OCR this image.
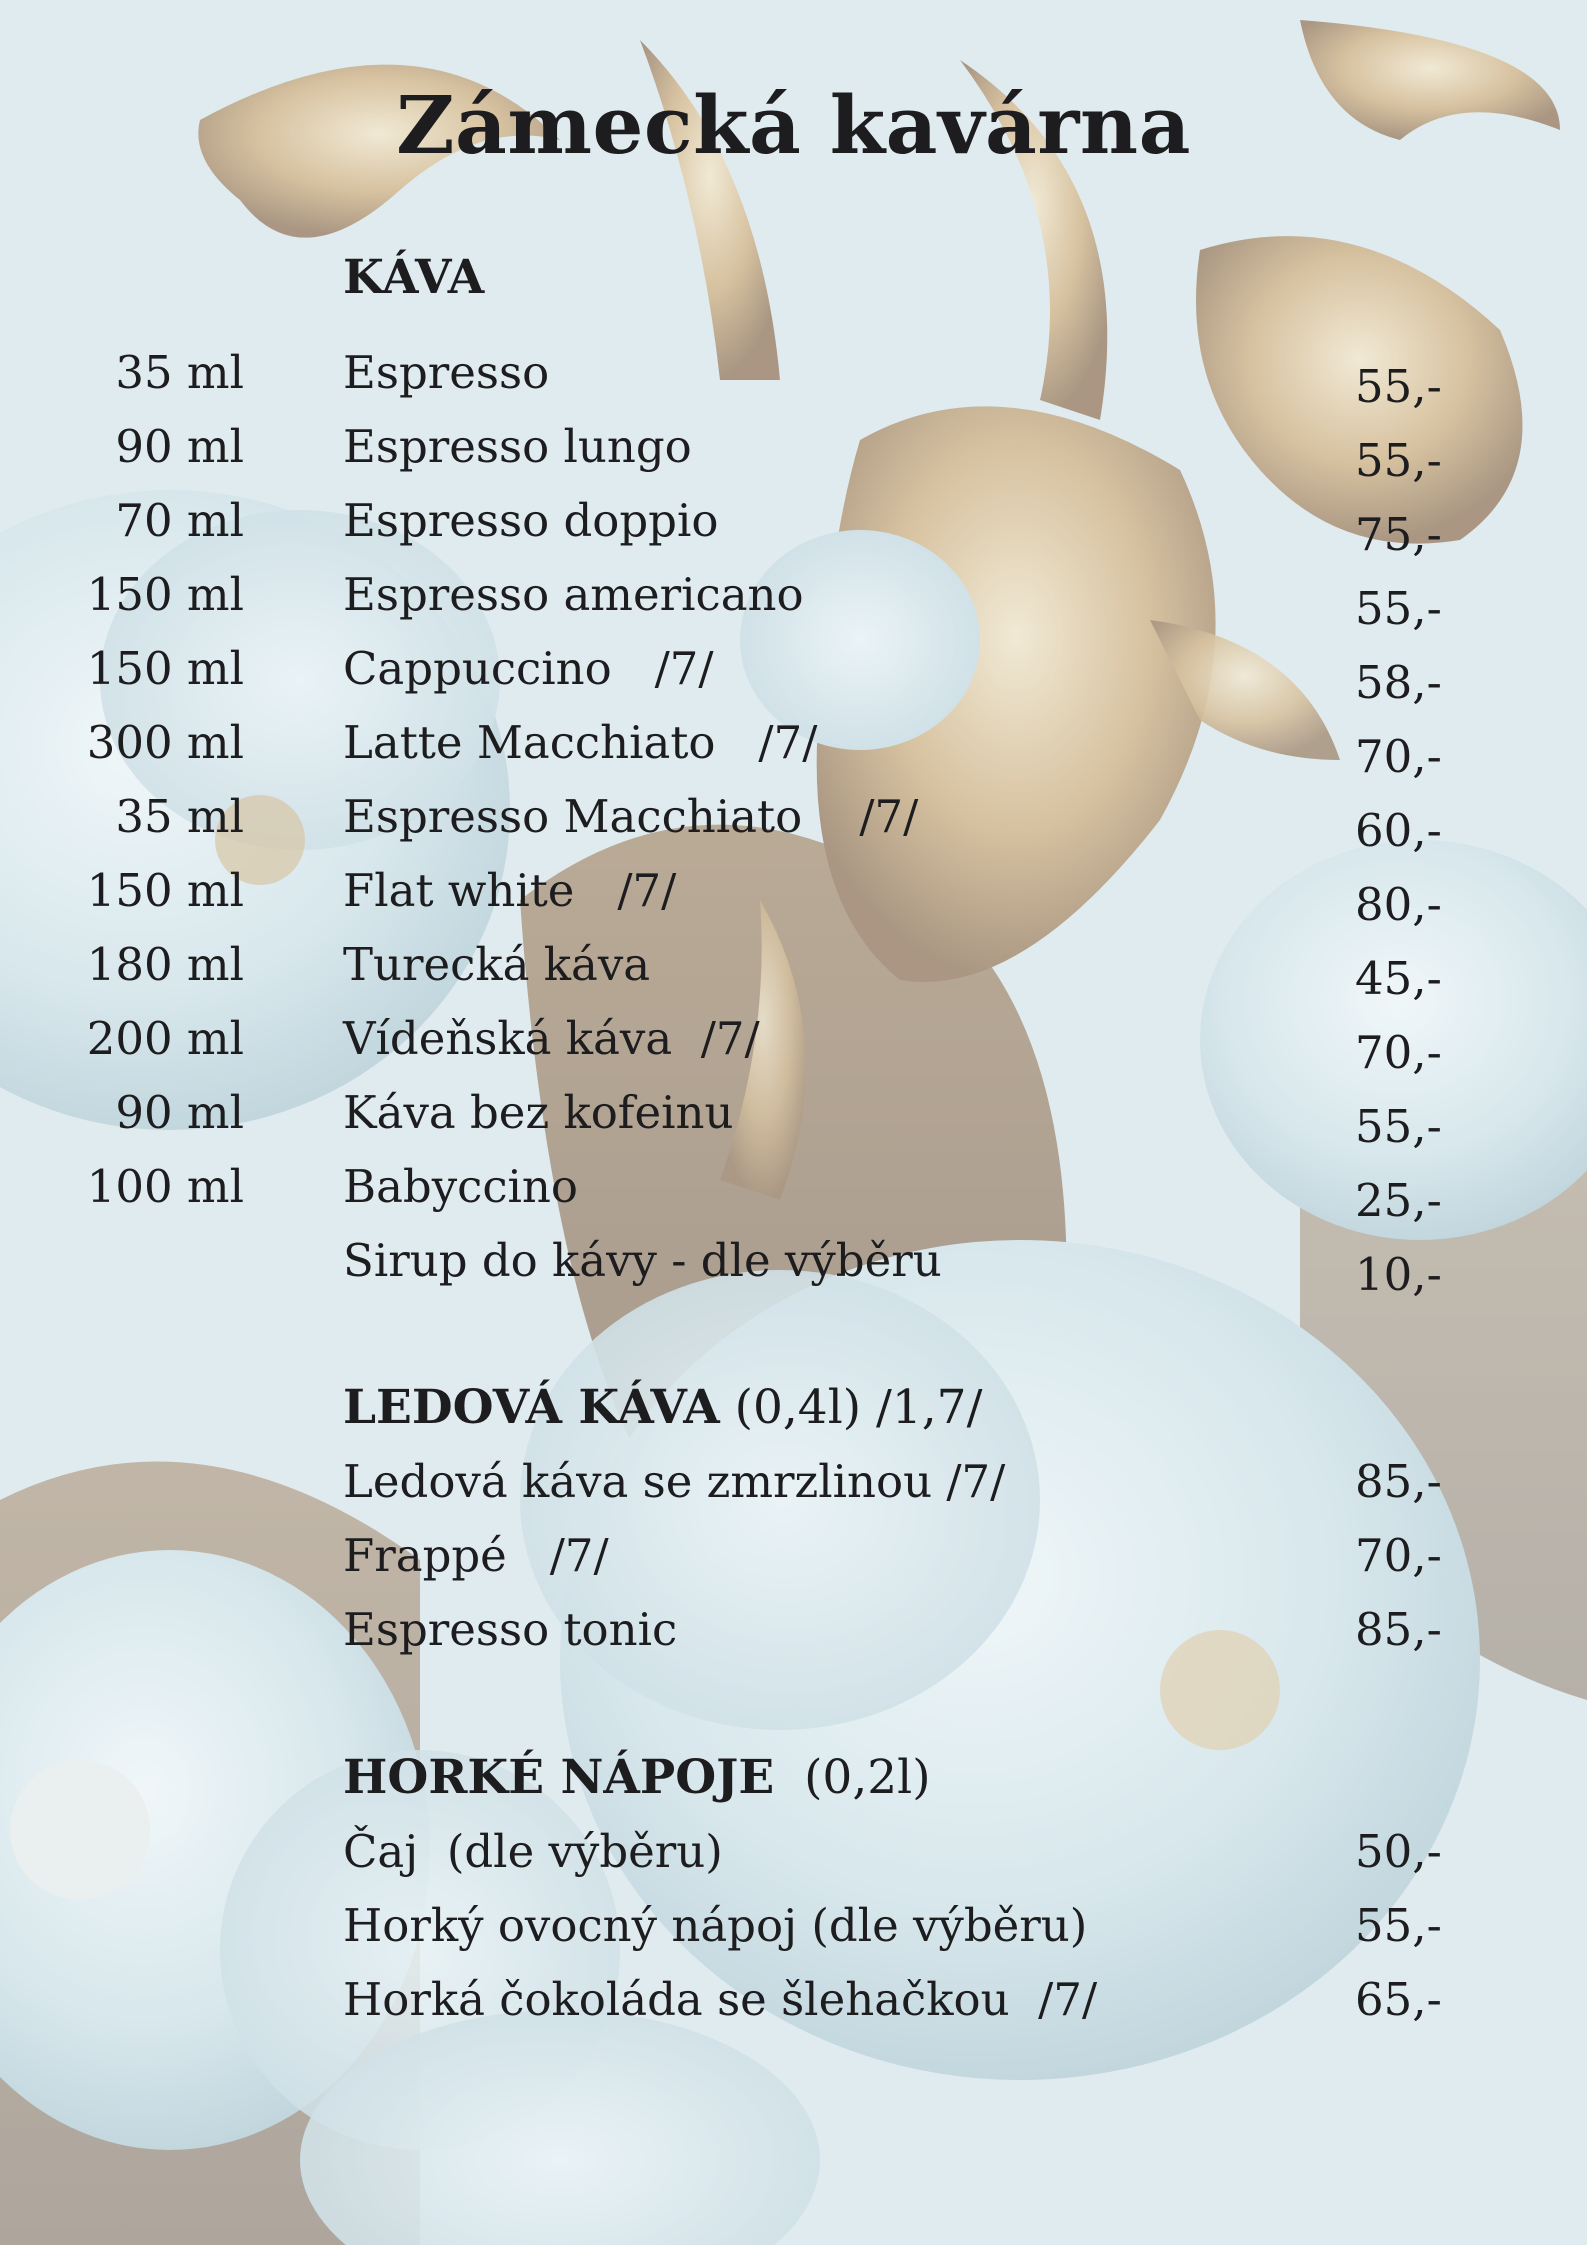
Zámecká kavárna
KÁVA
35 ml Espresso	55,-
90 ml Espresso lungo	55,-
70 ml Espresso doppio	75,-
150 ml Espresso americano	55,-
150 ml Cappuccino   /7/	58,-
300 ml Latte Macchiato   /7/	70,-
35 ml Espresso Macchiato    /7/	60,-
150 ml Flat white   /7/	80,-
180 ml Turecká káva	45,-
200 ml Vídeňská káva  /7/	70,-
90 ml Káva bez kofeinu	55,-
100 ml Babyccino	25,-
Sirup do kávy - dle výběru	10,-
LEDOVÁ KÁVA (0,4l) /1,7/
Ledová káva se zmrzlinou /7/	85,-
Frappé   /7/	70,-
Espresso tonic	85,-
HORKÉ NÁPOJE  (0,2l)
Čaj  (dle výběru)	50,-
Horký ovocný nápoj (dle výběru)	55,-
Horká čokoláda se šlehačkou  /7/	65,-
